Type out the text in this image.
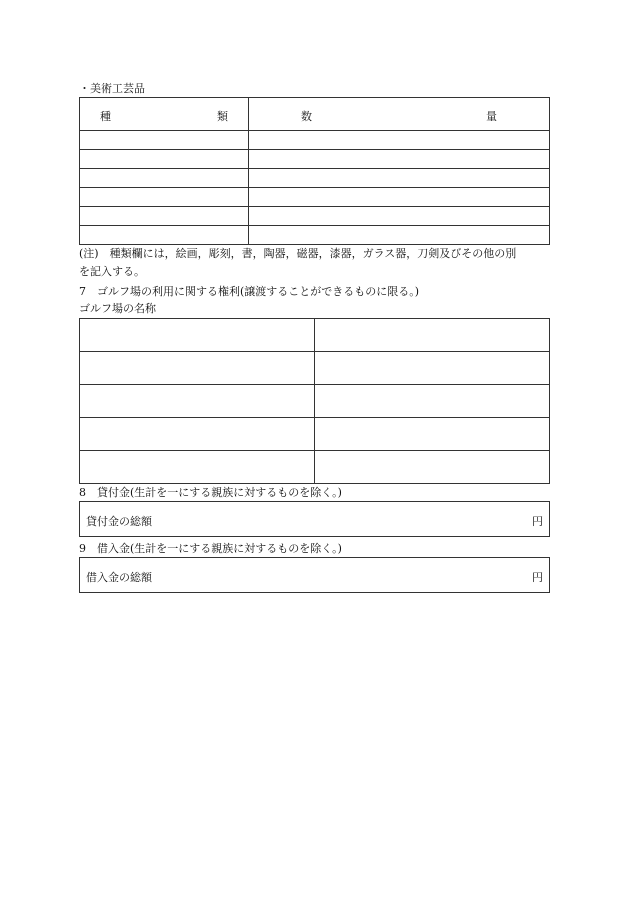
・美術工芸品
種 類	数 量

(注)　種類欄には，絵画，彫刻，書，陶器，磁器，漆器，ガラス器，刀剣及びその他の別
を記入する。
7　ゴルフ場の利用に関する権利(譲渡することができるものに限る。)
ゴルフ場の名称

8　貸付金(生計を一にする親族に対するものを除く。)
貸付金の総額	円
9　借入金(生計を一にする親族に対するものを除く。)
借入金の総額	円
